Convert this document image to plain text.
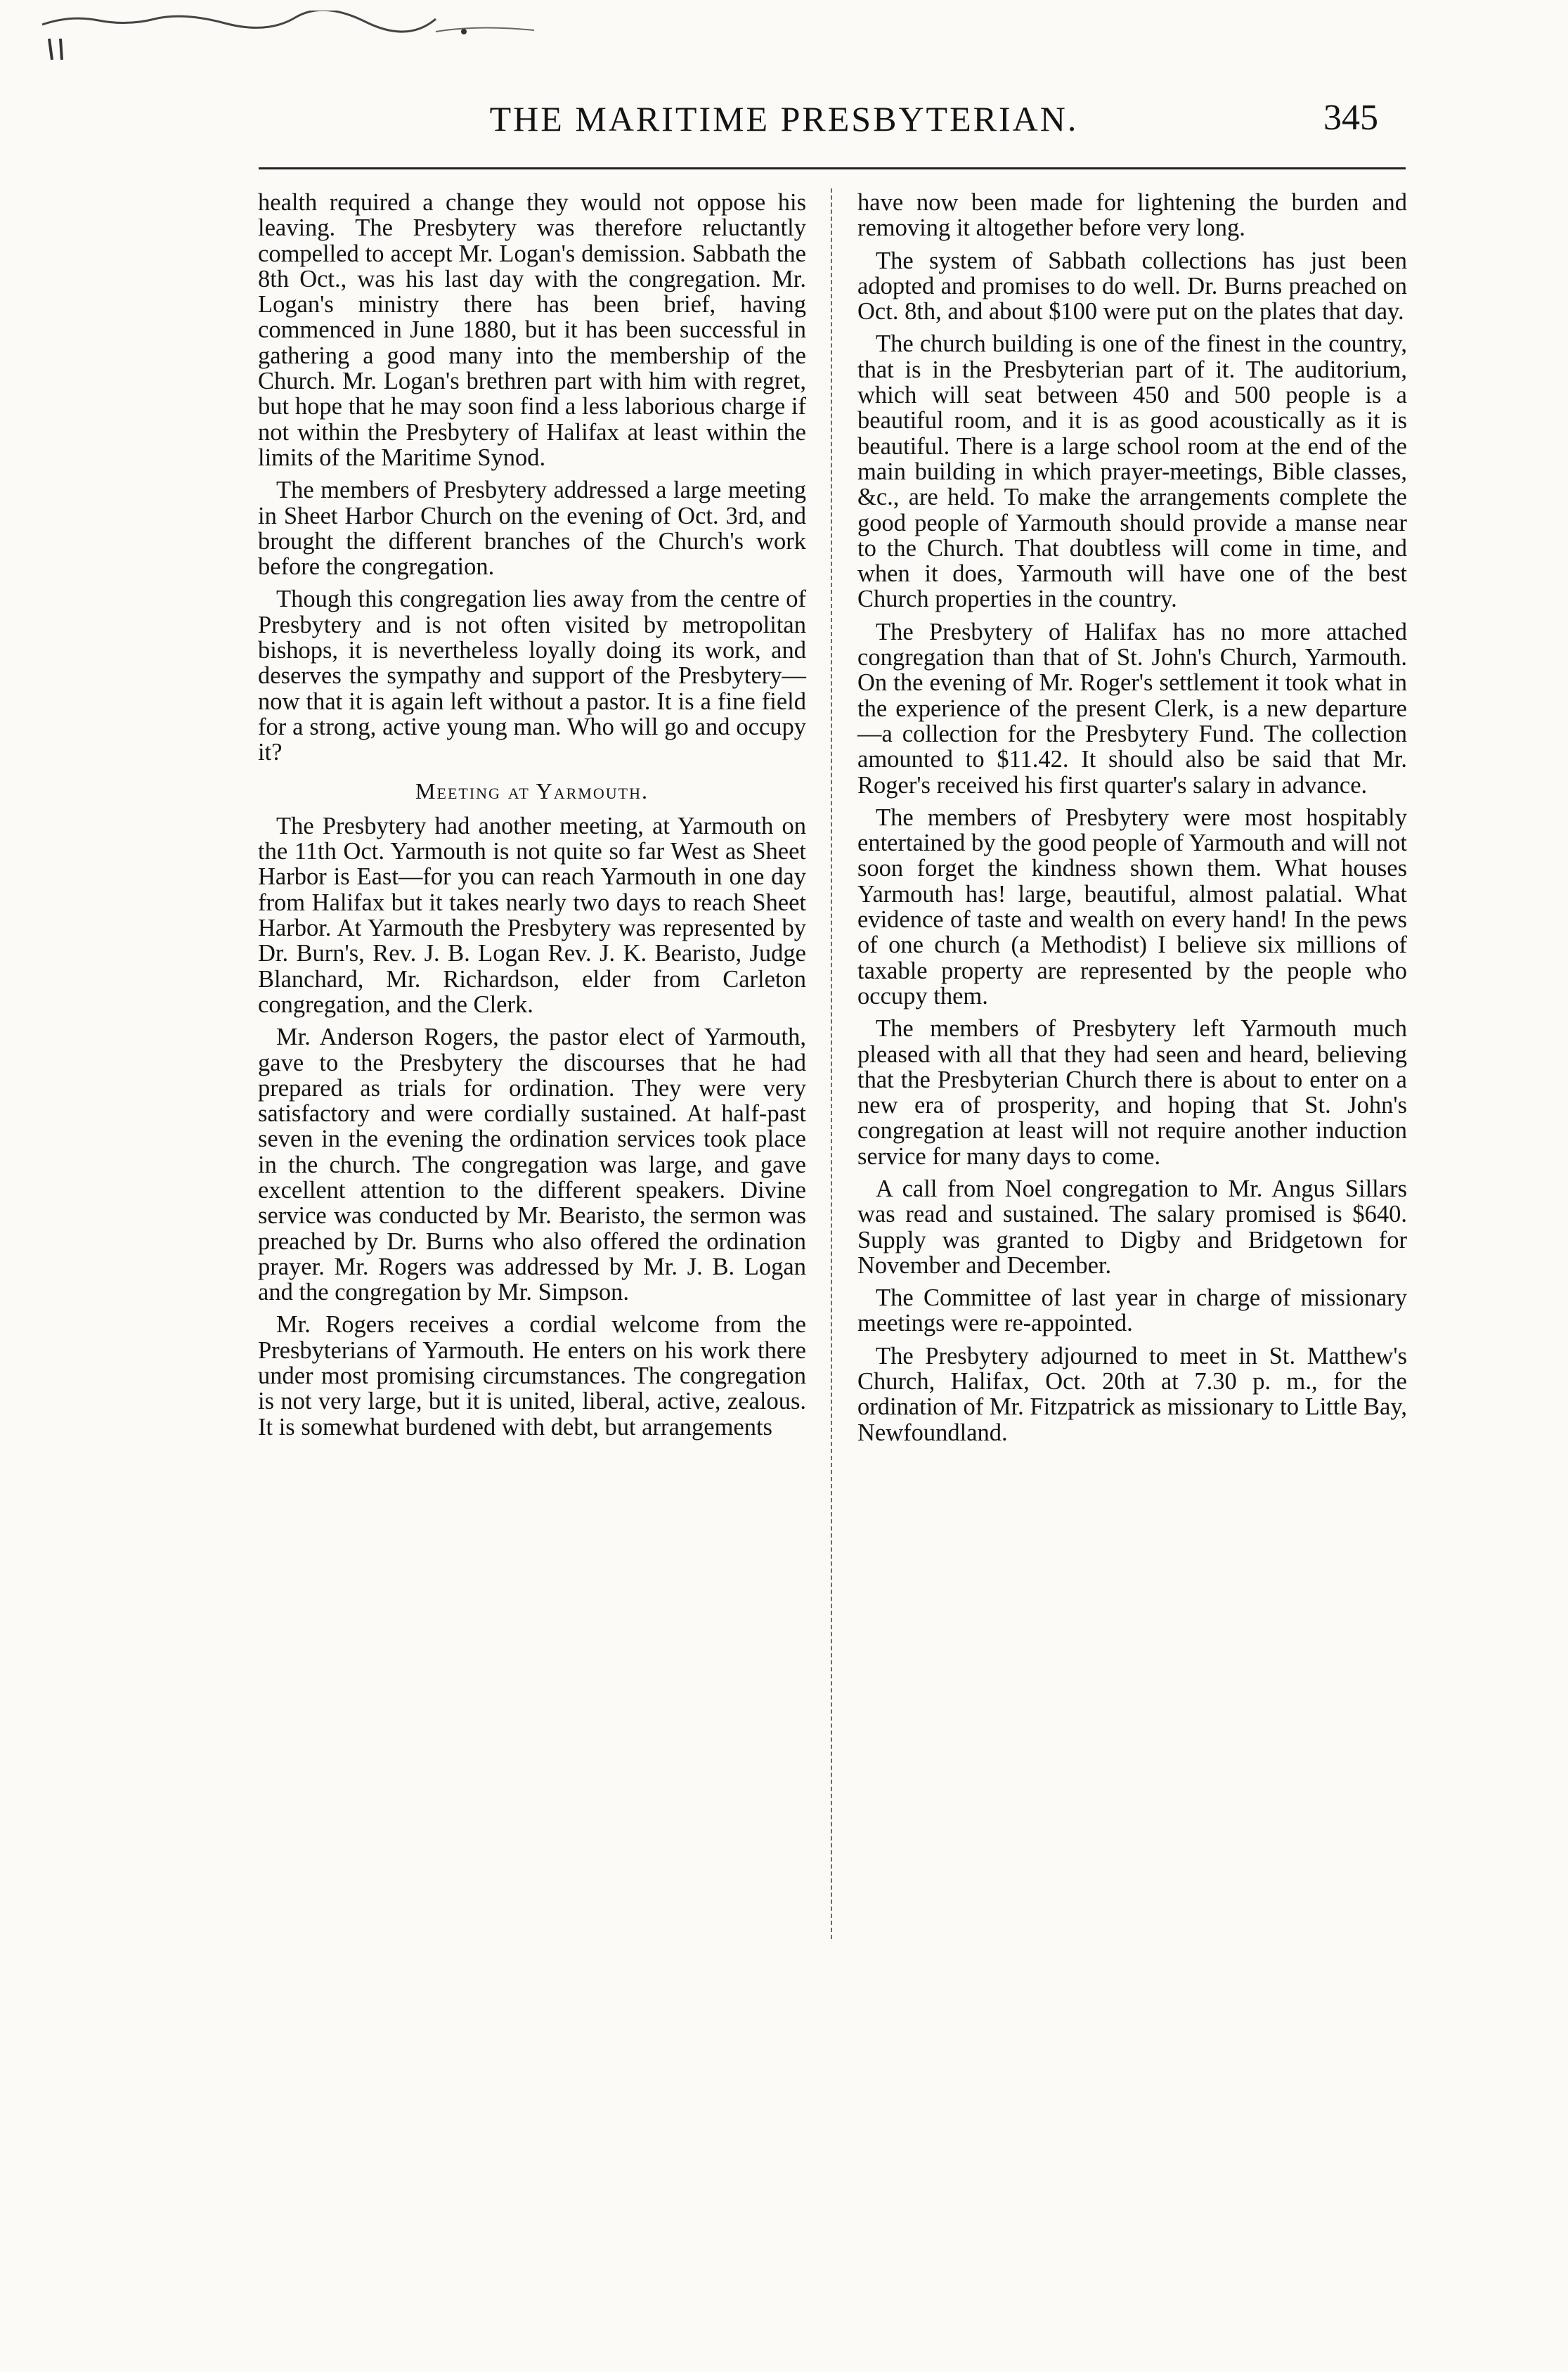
THE MARITIME PRESBYTERIAN.	345

health required a change they would not oppose his leaving. The Presbytery was therefore reluctantly compelled to accept Mr. Logan's demission. Sabbath the 8th Oct., was his last day with the congregation. Mr. Logan's ministry there has been brief, having commenced in June 1880, but it has been successful in gathering a good many into the membership of the Church. Mr. Logan's brethren part with him with regret, but hope that he may soon find a less laborious charge if not within the Presbytery of Halifax at least within the limits of the Maritime Synod.

The members of Presbytery addressed a large meeting in Sheet Harbor Church on the evening of Oct. 3rd, and brought the different branches of the Church's work before the congregation.

Though this congregation lies away from the centre of Presbytery and is not often visited by metropolitan bishops, it is nevertheless loyally doing its work, and deserves the sympathy and support of the Presbytery—now that it is again left without a pastor. It is a fine field for a strong, active young man. Who will go and occupy it?

Meeting at Yarmouth.

The Presbytery had another meeting, at Yarmouth on the 11th Oct. Yarmouth is not quite so far West as Sheet Harbor is East—for you can reach Yarmouth in one day from Halifax but it takes nearly two days to reach Sheet Harbor. At Yarmouth the Presbytery was represented by Dr. Burn's, Rev. J. B. Logan Rev. J. K. Bearisto, Judge Blanchard, Mr. Richardson, elder from Carleton congregation, and the Clerk.

Mr. Anderson Rogers, the pastor elect of Yarmouth, gave to the Presbytery the discourses that he had prepared as trials for ordination. They were very satisfactory and were cordially sustained. At half-past seven in the evening the ordination services took place in the church. The congregation was large, and gave excellent attention to the different speakers. Divine service was conducted by Mr. Bearisto, the sermon was preached by Dr. Burns who also offered the ordination prayer. Mr. Rogers was addressed by Mr. J. B. Logan and the congregation by Mr. Simpson.

Mr. Rogers receives a cordial welcome from the Presbyterians of Yarmouth. He enters on his work there under most promising circumstances. The congregation is not very large, but it is united, liberal, active, zealous. It is somewhat burdened with debt, but arrangements

have now been made for lightening the burden and removing it altogether before very long.

The system of Sabbath collections has just been adopted and promises to do well. Dr. Burns preached on Oct. 8th, and about $100 were put on the plates that day.

The church building is one of the finest in the country, that is in the Presbyterian part of it. The auditorium, which will seat between 450 and 500 people is a beautiful room, and it is as good acoustically as it is beautiful. There is a large school room at the end of the main building in which prayer-meetings, Bible classes, &c., are held. To make the arrangements complete the good people of Yarmouth should provide a manse near to the Church. That doubtless will come in time, and when it does, Yarmouth will have one of the best Church properties in the country.

The Presbytery of Halifax has no more attached congregation than that of St. John's Church, Yarmouth. On the evening of Mr. Roger's settlement it took what in the experience of the present Clerk, is a new departure—a collection for the Presbytery Fund. The collection amounted to $11.42. It should also be said that Mr. Roger's received his first quarter's salary in advance.

The members of Presbytery were most hospitably entertained by the good people of Yarmouth and will not soon forget the kindness shown them. What houses Yarmouth has! large, beautiful, almost palatial. What evidence of taste and wealth on every hand! In the pews of one church (a Methodist) I believe six millions of taxable property are represented by the people who occupy them.

The members of Presbytery left Yarmouth much pleased with all that they had seen and heard, believing that the Presbyterian Church there is about to enter on a new era of prosperity, and hoping that St. John's congregation at least will not require another induction service for many days to come.

A call from Noel congregation to Mr. Angus Sillars was read and sustained. The salary promised is $640. Supply was granted to Digby and Bridgetown for November and December.

The Committee of last year in charge of missionary meetings were re-appointed.

The Presbytery adjourned to meet in St. Matthew's Church, Halifax, Oct. 20th at 7.30 p. m., for the ordination of Mr. Fitzpatrick as missionary to Little Bay, Newfoundland.
